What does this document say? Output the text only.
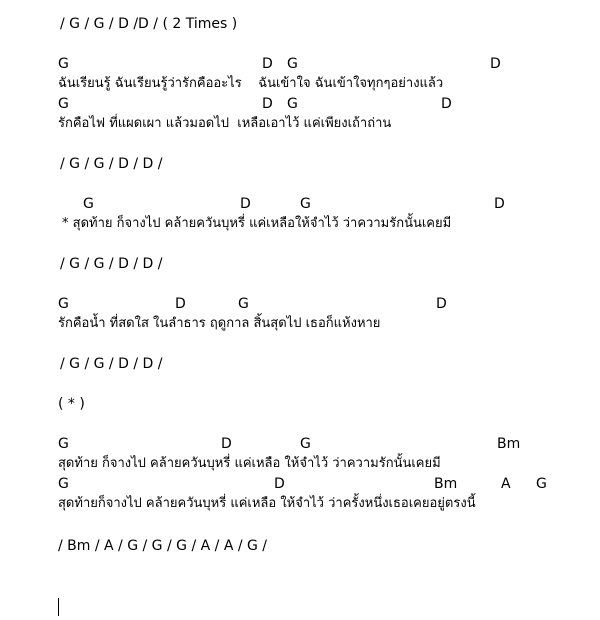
/ G / G / D /D / ( 2 Times )
G	D G	D
ฉันเรียนรู้ ฉันเรียนรู้ว่ารักคืออะไร    ฉันเข้าใจ ฉันเข้าใจทุกๆอย่างแล้ว
G	D G	D
รักคือไฟ ที่แผดเผา แล้วมอดไป  เหลือเอาไว้ แค่เพียงเถ้าถ่าน
/ G / G / D / D /
G	D	G	D
* สุดท้าย ก็จางไป คล้ายควันบุหรี่ แค่เหลือให้จำไว้ ว่าความรักนั้นเคยมี
/ G / G / D / D /
G	D	G	D
รักคือน้ำ ที่สดใส ในลำธาร ฤดูกาล สิ้นสุดไป เธอก็แห้งหาย
/ G / G / D / D /
( * )
G	D	G	Bm
สุดท้าย ก็จางไป คล้ายควันบุหรี่ แค่เหลือ ให้จำไว้ ว่าความรักนั้นเคยมี
G	D	Bm	A G
สุดท้ายก็จางไป คล้ายควันบุหรี่ แค่เหลือ ให้จำไว้ ว่าครั้งหนึ่งเธอเคยอยู่ตรงนี้
/ Bm / A / G / G / G / A / A / G /
